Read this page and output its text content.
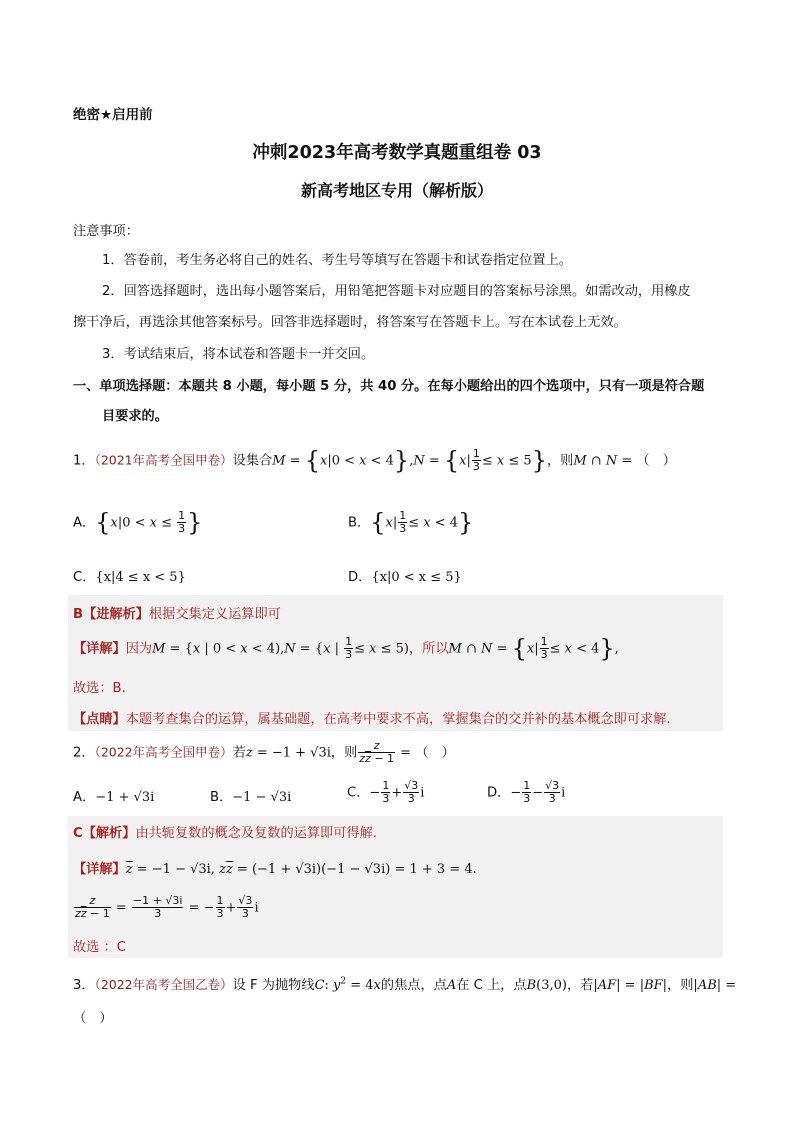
绝密★启用前
冲刺2023年高考数学真题重组卷 03
新高考地区专用（解析版）
注意事项：
1．答卷前，考生务必将自己的姓名、考生号等填写在答题卡和试卷指定位置上。
2．回答选择题时，选出每小题答案后，用铅笔把答题卡对应题目的答案标号涂黑。如需改动，用橡皮
擦干净后，再选涂其他答案标号。回答非选择题时，将答案写在答题卡上。写在本试卷上无效。
3．考试结束后，将本试卷和答题卡一并交回。
一、单项选择题：本题共 8 小题，每小题 5 分，共 40 分。在每小题给出的四个选项中，只有一项是符合题
目要求的。
1．（2021年高考全国甲卷）设集合$M = \{x|0 < x < 4\},N = \{x| \frac{1}{3} \le x \le 5\}$，则M ∩ N = （　）
A．{$x|0 < x \le \frac{1}{3}$ }	B．$\{x| \frac{1}{3} \le x < 4\}$
C．{x|4 ≤ x < 5}	D．{x|0 < x ≤ 5}
B【进解析】根据交集定义运算即可
【详解】因为M = {x | 0 < x < 4),N = {x | $\frac{1}{3} \le x \le 5$)，所以M ∩ $N = \{x| \frac{1}{3} \le x < 4\}$,
故选：B.
【点睛】本题考查集合的运算，属基础题，在高考中要求不高，掌握集合的交并补的基本概念即可求解.
2．（2022年高考全国甲卷）若z = −1 + √3i，则 $\frac{z}{z\overline{z} - 1}$ = （　）
A．−1 + √3i	B．−1 − √3i	C．− $\frac{1}{3} + \frac{√3}{3}$ i	D．− $\frac{1}{3} - \frac{√3}{3}$ i
C【解析】由共轭复数的概念及复数的运算即可得解.
【详解】$\overline{z} = -1 - √3i$, $z\overline{z} = (-1 + √3i)(-1 - √3i) = 1 + 3 = 4$.
$\frac{z}{z\overline{z} - 1} = \frac{-1 + √3i}{3}$ = − $\frac{1}{3} + \frac{√3}{3}$ i
故选 ：C
3．（2022年高考全国乙卷）设 F 为抛物线C: $y^2 = 4x$的焦点，点A在 C 上，点B(3,0)，若|AF| = |BF|，则|AB| =
（　）
